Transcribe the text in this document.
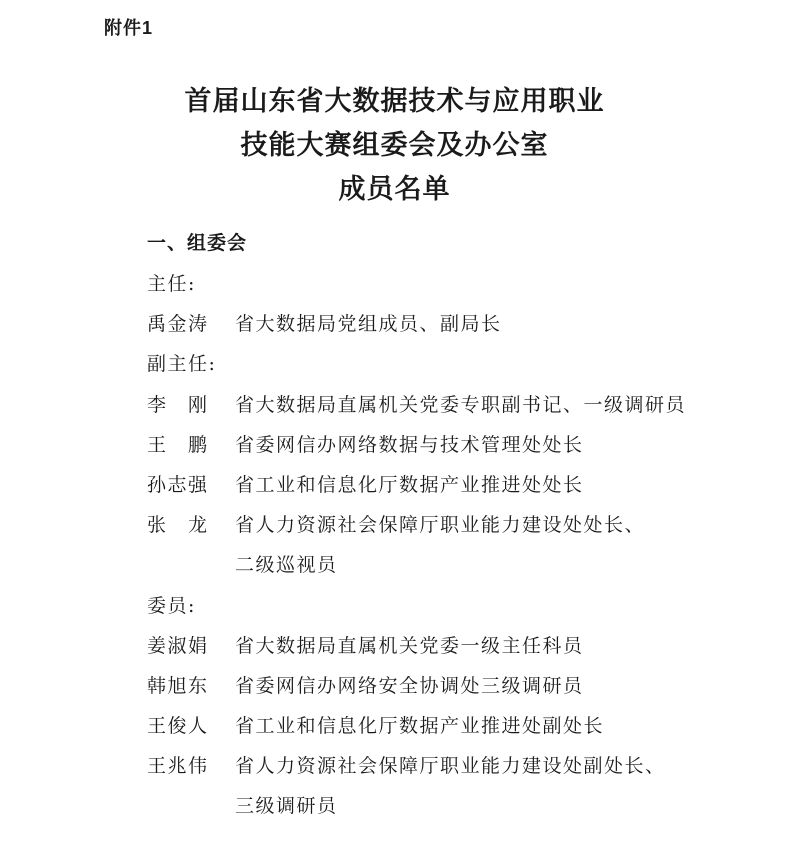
附件1
首届山东省大数据技术与应用职业
技能大赛组委会及办公室
成员名单
一、组委会
主任:
禹金涛	省大数据局党组成员、副局长
副主任:
李　刚	省大数据局直属机关党委专职副书记、一级调研员
王　鹏	省委网信办网络数据与技术管理处处长
孙志强	省工业和信息化厅数据产业推进处处长
张　龙	省人力资源社会保障厅职业能力建设处处长、
二级巡视员
委员:
姜淑娟	省大数据局直属机关党委一级主任科员
韩旭东	省委网信办网络安全协调处三级调研员
王俊人	省工业和信息化厅数据产业推进处副处长
王兆伟	省人力资源社会保障厅职业能力建设处副处长、
三级调研员
